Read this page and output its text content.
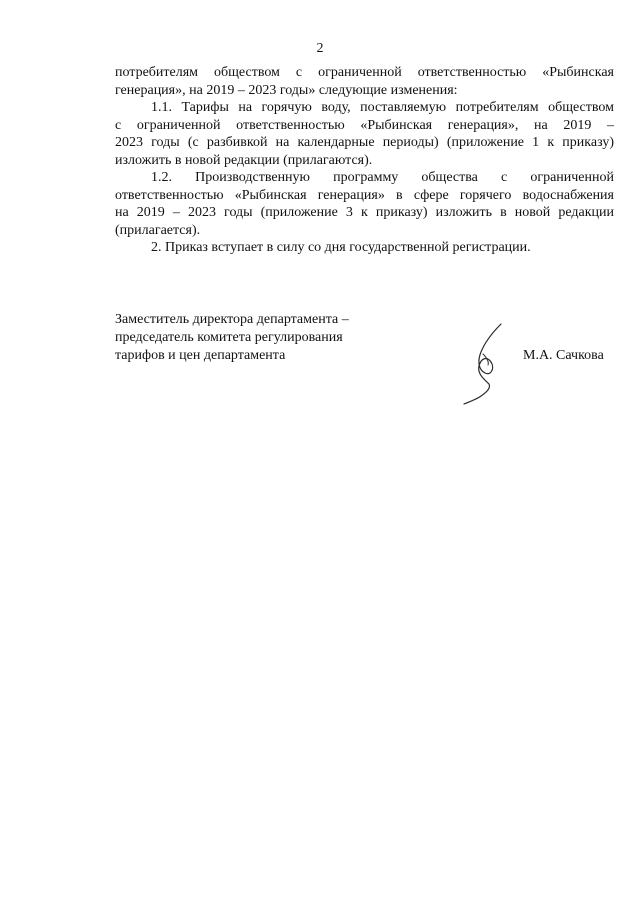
2

потребителям обществом с ограниченной ответственностью «Рыбинская
генерация», на 2019 – 2023 годы» следующие изменения:

1.1. Тарифы на горячую воду, поставляемую потребителям обществом
с ограниченной ответственностью «Рыбинская генерация», на 2019 –
2023 годы (с разбивкой на календарные периоды) (приложение 1 к приказу)
изложить в новой редакции (прилагаются).

1.2. Производственную программу общества с ограниченной
ответственностью «Рыбинская генерация» в сфере горячего водоснабжения
на 2019 – 2023 годы (приложение 3 к приказу) изложить в новой редакции
(прилагается).

2. Приказ вступает в силу со дня государственной регистрации.

Заместитель директора департамента –
председатель комитета регулирования
тарифов и цен департамента	М.А. Сачкова
